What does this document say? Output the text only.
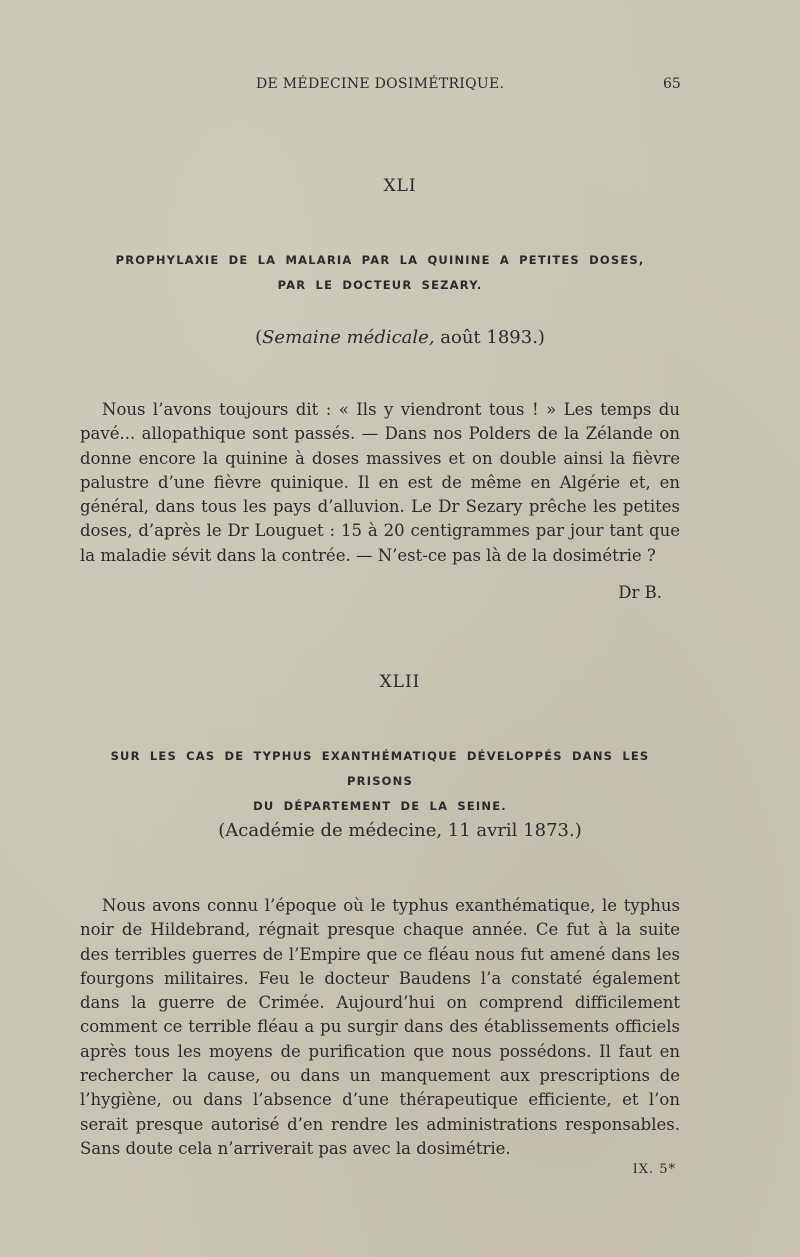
DE MÉDECINE DOSIMÉTRIQUE.	65
XLI
PROPHYLAXIE DE LA MALARIA PAR LA QUININE A PETITES DOSES,
PAR LE DOCTEUR SEZARY.
(Semaine médicale, août 1893.)

Nous l’avons toujours dit : « Ils y viendront tous ! » Les temps du pavé... allopathique sont passés. — Dans nos Polders de la Zélande on donne encore la quinine à doses massives et on double ainsi la fièvre palustre d’une fièvre quinique. Il en est de même en Algérie et, en général, dans tous les pays d’alluvion. Le Dr Sezary prêche les petites doses, d’après le Dr Louguet : 15 à 20 centigrammes par jour tant que la maladie sévit dans la contrée. — N’est-ce pas là de la dosimétrie ?

Dr B.
XLII
SUR LES CAS DE TYPHUS EXANTHÉMATIQUE DÉVELOPPÉS DANS LES PRISONS
DU DÉPARTEMENT DE LA SEINE.
(Académie de médecine, 11 avril 1873.)

Nous avons connu l’époque où le typhus exanthématique, le typhus noir de Hildebrand, régnait presque chaque année. Ce fut à la suite des terribles guerres de l’Empire que ce fléau nous fut amené dans les fourgons militaires. Feu le docteur Baudens l’a constaté également dans la guerre de Crimée. Aujourd’hui on comprend difficilement comment ce terrible fléau a pu surgir dans des établissements officiels après tous les moyens de purification que nous possédons. Il faut en rechercher la cause, ou dans un manquement aux prescriptions de l’hygiène, ou dans l’absence d’une thérapeutique efficiente, et l’on serait presque autorisé d’en rendre les administrations responsables. Sans doute cela n’arriverait pas avec la dosimétrie.

IX. 5*
